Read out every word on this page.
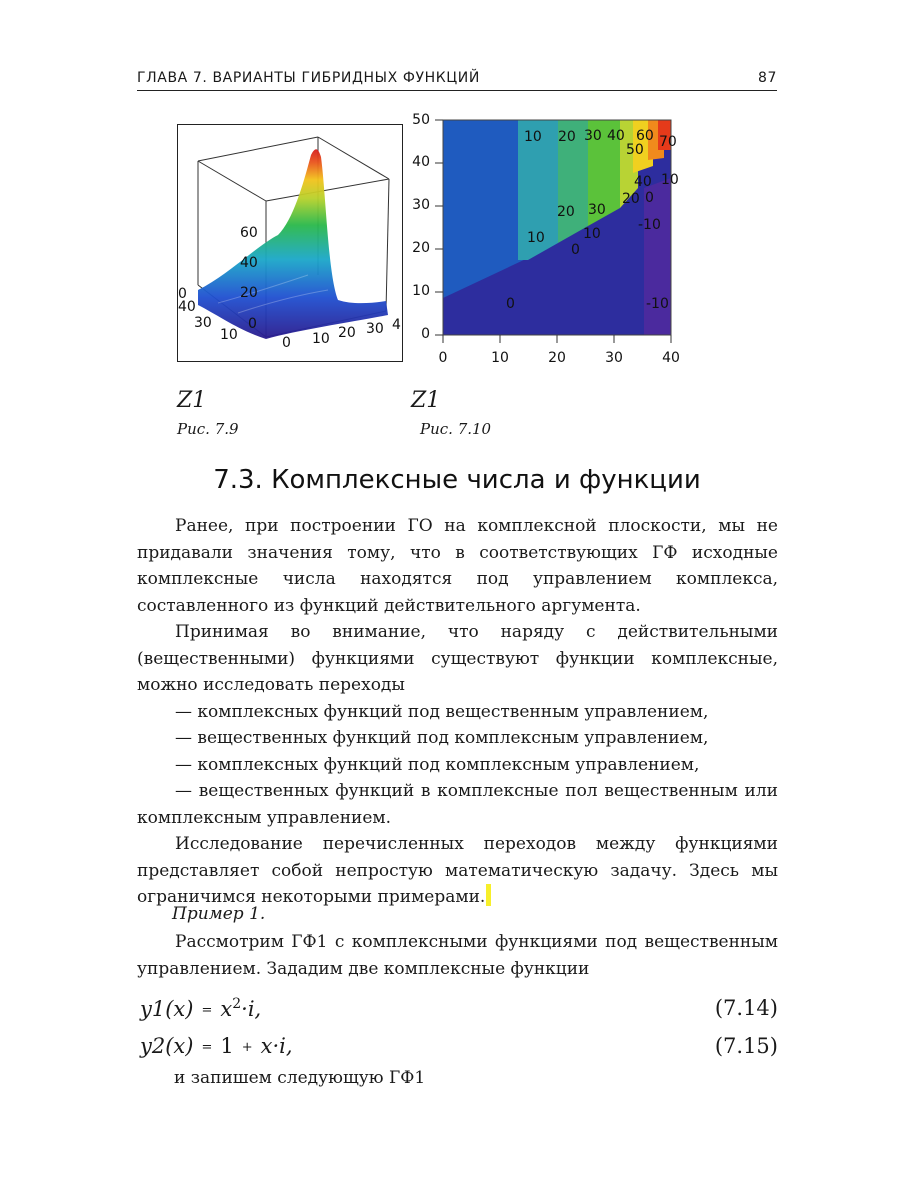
ГЛАВА 7. ВАРИАНТЫ ГИБРИДНЫХ ФУНКЦИЙ	87
60
40
20
0
40
30
10
0
0 10 20 30 4
10 20 30 40 60
50 70
40 10
20 30
20 0
-10
10	10
0
0	-10
0
10
20
30
40
50
0	10	20	30	40
Z1
Рис. 7.9
Z1
Рис. 7.10
7.3. Комплексные числа и функции

Ранее, при построении ГО на комплексной плоскости, мы не придавали значения тому, что в соответствующих ГФ исходные комплексные числа находятся под управлением комплекса, составленного из функций действительного аргумента.

Принимая во внимание, что наряду с действительными (вещественными) функциями существуют функции комплексные, можно исследовать переходы

— комплексных функций под вещественным управлением,

— вещественных функций под комплексным управлением,

— комплексных функций под комплексным управлением,

— вещественных функций в комплексные пол вещественным или комплексным управлением.

Исследование перечисленных переходов между функциями представляет собой непростую математическую задачу. Здесь мы ограничимся некоторыми примерами.

Пример 1.

Рассмотрим ГФ1 с комплексными функциями под вещественным управлением. Зададим две комплексные функции

$y1(x) = x^2\cdot i$,	(7.14)
y2(x) = 1 + x·i,	(7.15)
и запишем следующую ГФ1
